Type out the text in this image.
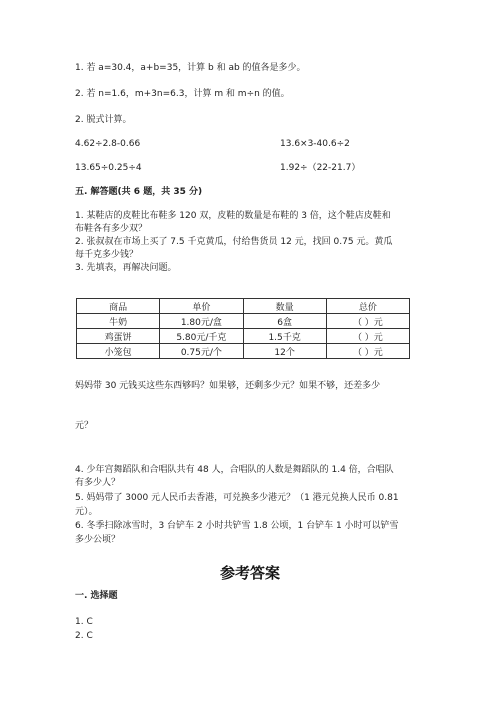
1. 若 a=30.4，a+b=35，计算 b 和 ab 的值各是多少。
2. 若 n=1.6，m+3n=6.3，计算 m 和 m÷n 的值。
2. 脱式计算。
4.62÷2.8-0.66	13.6×3-40.6÷2
13.65÷0.25÷4	1.92÷（22-21.7）
五. 解答题(共 6 题，共 35 分)
1. 某鞋店的皮鞋比布鞋多 120 双，皮鞋的数量是布鞋的 3 倍，这个鞋店皮鞋和
布鞋各有多少双？
2. 张叔叔在市场上买了 7.5 千克黄瓜，付给售货员 12 元，找回 0.75 元。黄瓜
每千克多少钱？
3. 先填表，再解决问题。
商品	单价	数量	总价
牛奶	1.80元/盒	6盒	（ ）元
鸡蛋饼	5.80元/千克	1.5千克	（ ）元
小笼包	0.75元/个	12个	（ ）元
妈妈带 30 元钱买这些东西够吗？如果够，还剩多少元？如果不够，还差多少
元？
4. 少年宫舞蹈队和合唱队共有 48 人，合唱队的人数是舞蹈队的 1.4 倍，合唱队
有多少人？
5. 妈妈带了 3000 元人民币去香港，可兑换多少港元？（1 港元兑换人民币 0.81
元）。
6. 冬季扫除冰雪时，3 台铲车 2 小时共铲雪 1.8 公顷，1 台铲车 1 小时可以铲雪
多少公顷？
参考答案
一. 选择题
1. C
2. C
